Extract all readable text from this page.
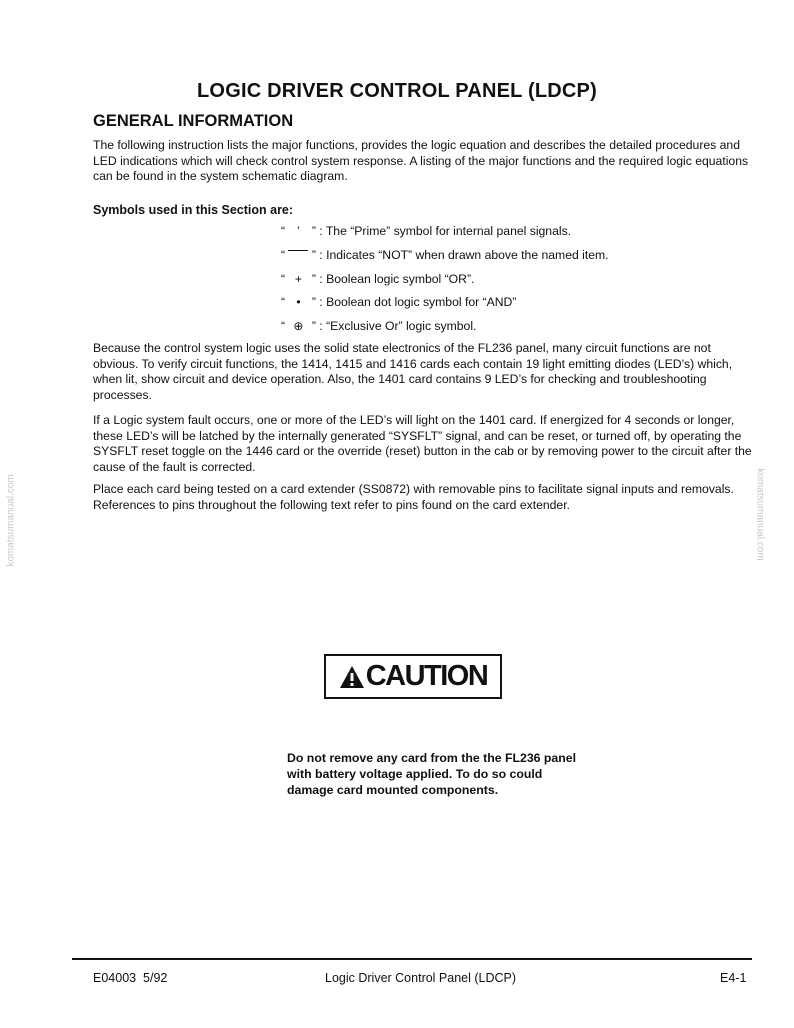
LOGIC DRIVER CONTROL PANEL (LDCP)
GENERAL INFORMATION

The following instruction lists the major functions, provides the logic equation and describes the detailed procedures and LED indications which will check control system response. A listing of the major functions and the required logic equations can be found in the system schematic diagram.

Symbols used in this Section are:
“ ’ ” : The “Prime” symbol for internal panel signals.
“ ” : Indicates “NOT” when drawn above the named item.
“ + ” : Boolean logic symbol “OR”.
“ • ” : Boolean dot logic symbol for “AND”
“ ⊕ ” : “Exclusive Or” logic symbol.

Because the control system logic uses the solid state electronics of the FL236 panel, many circuit functions are not obvious. To verify circuit functions, the 1414, 1415 and 1416 cards each contain 19 light emitting diodes (LED’s) which, when lit, show circuit and device operation. Also, the 1401 card contains 9 LED’s for checking and troubleshooting processes.

If a Logic system fault occurs, one or more of the LED’s will light on the 1401 card. If energized for 4 seconds or longer, these LED’s will be latched by the internally generated “SYSFLT” signal, and can be reset, or turned off, by operating the SYSFLT reset toggle on the 1446 card or the override (reset) button in the cab or by removing power to the circuit after the cause of the fault is corrected.

Place each card being tested on a card extender (SS0872) with removable pins to facilitate signal inputs and removals. References to pins throughout the following text refer to pins found on the card extender.

komatsumanual.com	komatsumanual.com
CAUTION

Do not remove any card from the the FL236 panel with battery voltage applied. To do so could damage card mounted components.

E04003  5/92	Logic Driver Control Panel (LDCP)	E4-1
